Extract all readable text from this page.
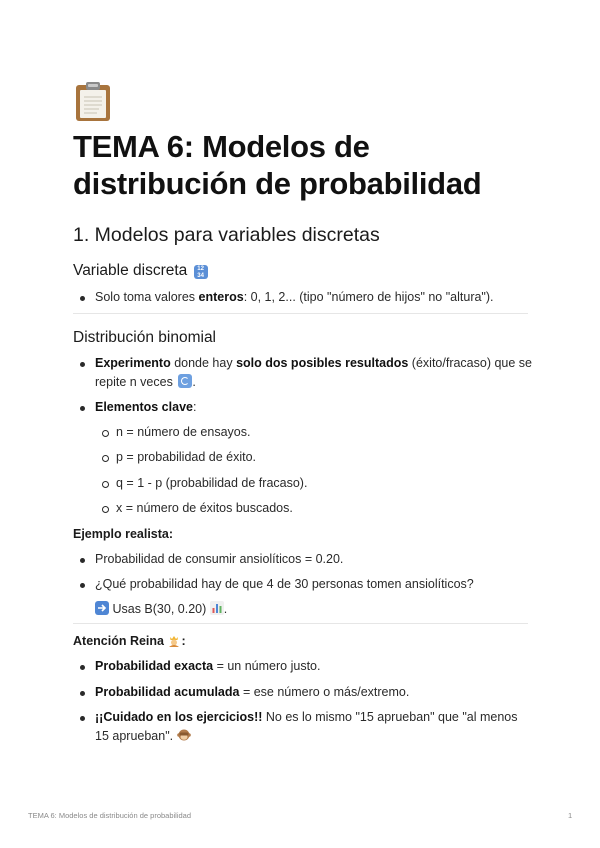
TEMA 6: Modelos de distribución de probabilidad
1. Modelos para variables discretas
Variable discreta	12
34
Solo toma valores enteros: 0, 1, 2... (tipo "número de hijos" no "altura").
Distribución binomial
Experimento donde hay solo dos posibles resultados (éxito/fracaso) que se repite n veces .
Elementos clave:
n = número de ensayos.
p = probabilidad de éxito.
q = 1 - p (probabilidad de fracaso).
x = número de éxitos buscados.
Ejemplo realista:
Probabilidad de consumir ansiolíticos = 0.20.
¿Qué probabilidad hay de que 4 de 30 personas tomen ansiolíticos?
Usas B(30, 0.20) .
Atención Reina :
Probabilidad exacta = un número justo.
Probabilidad acumulada = ese número o más/extremo.
¡¡Cuidado en los ejercicios!! No es lo mismo "15 aprueban" que "al menos 15 aprueban".
TEMA 6: Modelos de distribución de probabilidad	1
